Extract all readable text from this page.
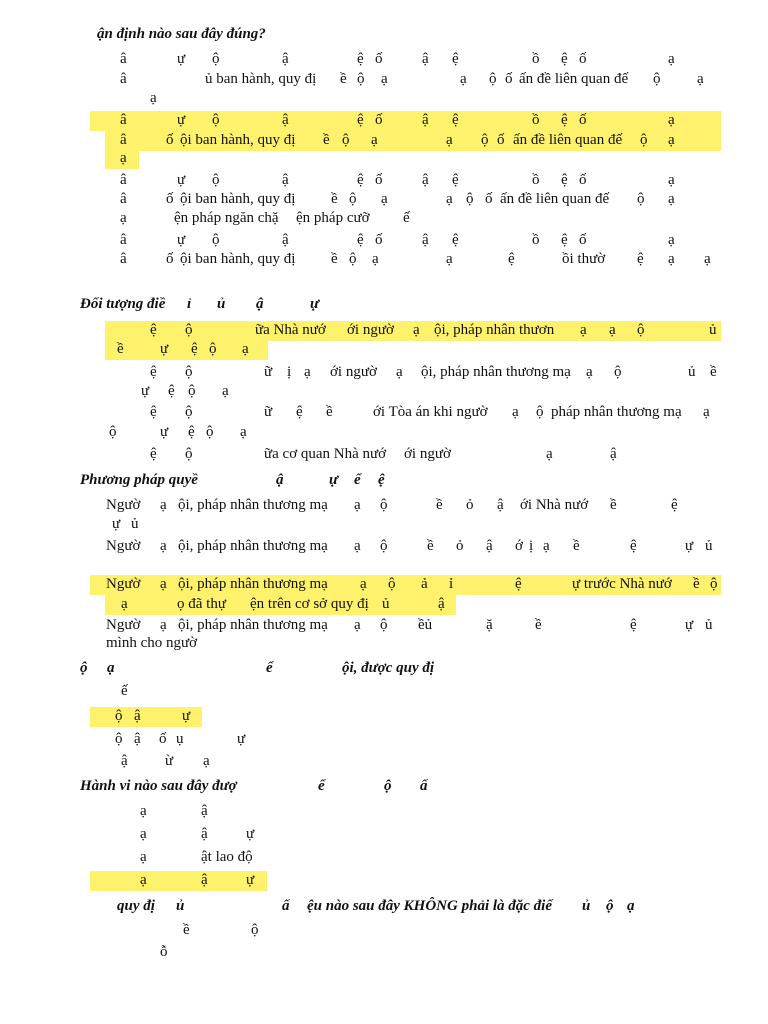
ận định nào sau đây đúng?
â	ự ộ	ậ	ệ ố	ậ ệ	ồ ệ ố	ạ
â	ủ ban hành, quy đị ề ộ ạ	ạ ộ ố ấn đề liên quan đế ộ ạ
ạ
â	ự ộ	ậ	ệ ố	ậ ệ	ồ ệ ố	ạ
â	ố ội ban hành, quy đị ề ộ ạ	ạ ộ ố ấn đề liên quan đế ộ ạ
ạ
â	ự ộ	ậ	ệ ố	ậ ệ	ồ ệ ố	ạ
â	ố ội ban hành, quy đị ề ộ ạ	ạ ộ ố ấn đề liên quan đế ộ ạ
ạ	ện pháp ngăn chặ ện pháp cưỡ ế
â	ự ộ	ậ	ệ ố	ậ ệ	ồ ệ ố	ạ
â	ố ội ban hành, quy đị ề ộ ạ	ạ	ệ	ồi thườ ệ ạ ạ
Đối tượng điề ỉ ủ ậ	ự
ệ ộ	ữa Nhà nướ ới ngườ ạ ội, pháp nhân thươn ạ ạ ộ	ủ
ề ự ệ ộ ạ
ệ ộ	ữ ị ạ ới ngườ ạ ội, pháp nhân thương mạ ạ ộ	ủ ề
ự ệ ộ ạ
ệ ộ	ữ ệ ề	ới Tòa án khi ngườ ạ ộ pháp nhân thương mạ ạ
ộ	ự ệ ộ ạ
ệ ộ	ữa cơ quan Nhà nướ ới ngườ	ạ	ậ
Phương pháp quyề	ậ	ự ể ệ
Ngườ ạ ội, pháp nhân thương mạ ạ ộ	ề ỏ ậ ới Nhà nướ ề	ệ
ự ủ
Ngườ ạ ội, pháp nhân thương mạ ạ ộ	ề ỏ ậ ớ ị ạ ề	ệ	ự ủ
Ngườ ạ ội, pháp nhân thương mạ ạ ộ ả ỉ	ệ	ự trước Nhà nướ ề ộ
ạ	ọ đã thự ện trên cơ sở quy đị ủ	ậ
Ngườ ạ ội, pháp nhân thương mạ ạ ộ ềủ	ặ	ề	ệ	ự ủ
mình cho ngườ
ộ ạ	ể	ội, được quy đị
ế
ộ ậ	ự
ộ ậ ố ụ	ự
ậ ừ ạ
Hành vi nào sau đây đượ	ể	ộ ấ
ạ	ậ
ạ	ậ	ự
ạ	ật lao độ
ạ	ậ	ự
quy đị ủ	ấ ệu nào sau đây KHÔNG phải là đặc điể ủ ộ ạ
ề	ộ
ỗ
